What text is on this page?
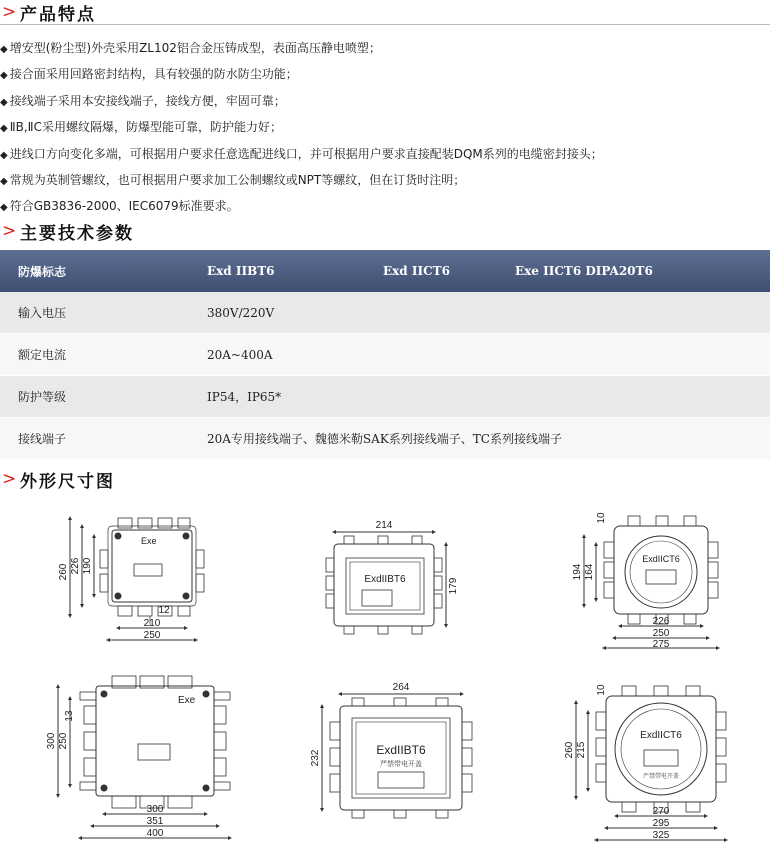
> 产品特点
◆ 增安型(粉尘型)外壳采用ZL102铝合金压铸成型，表面高压静电喷塑；
◆ 接合面采用回路密封结构，具有较强的防水防尘功能；
◆ 接线端子采用本安接线端子，接线方便，牢固可靠；
◆ ⅡB,ⅡC采用螺纹隔爆，防爆型能可靠，防护能力好；
◆ 进线口方向变化多端，可根据用户要求任意选配进线口，并可根据用户要求直接配装DQM系列的电缆密封接头；
◆ 常规为英制管螺纹，也可根据用户要求加工公制螺纹或NPT等螺纹，但在订货时注明；
◆ 符合GB3836-2000、IEC6079标准要求。
> 主要技术参数
防爆标志	Exd IIBT6	Exd IICT6	Exe IICT6 DIPA20T6
输入电压	380V/220V		
额定电流	20A~400A		
防护等级	IP54，IP65*		
接线端子	20A专用接线端子、魏德米勒SAK系列接线端子、TC系列接线端子		
> 外形尺寸图
Exe
260 226 190
12
210
250
ExdIIBT6
214
179
ExdIICT6
10
194 164
226
250
275
Exe
300 250
13
300
351
400
ExdIIBT6
严禁带电开盖
264
232
ExdIICT6
严禁带电开盖
10
260 215
270
295
325
